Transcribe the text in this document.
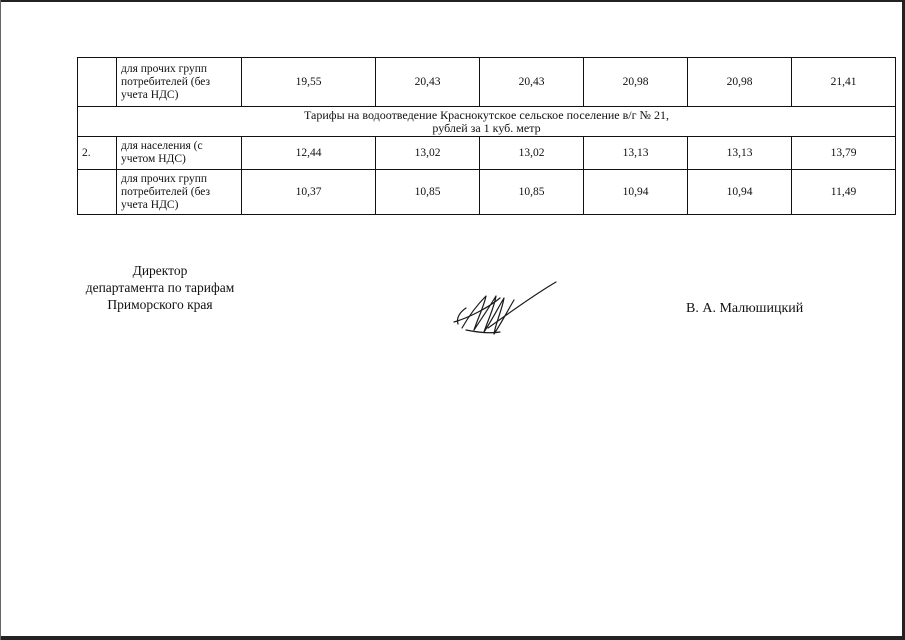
	для прочих групп потребителей (без учета НДС)	19,55	20,43	20,43	20,98	20,98	21,41
Тарифы на водоотведение Краснокутское сельское поселение в/г № 21,
рублей за 1 куб. метр							
2.	для населения (с учетом НДС)	12,44	13,02	13,02	13,13	13,13	13,79
	для прочих групп потребителей (без учета НДС)	10,37	10,85	10,85	10,94	10,94	11,49
Директор
департамента по тарифам
Приморского края	В. А. Малюшицкий
